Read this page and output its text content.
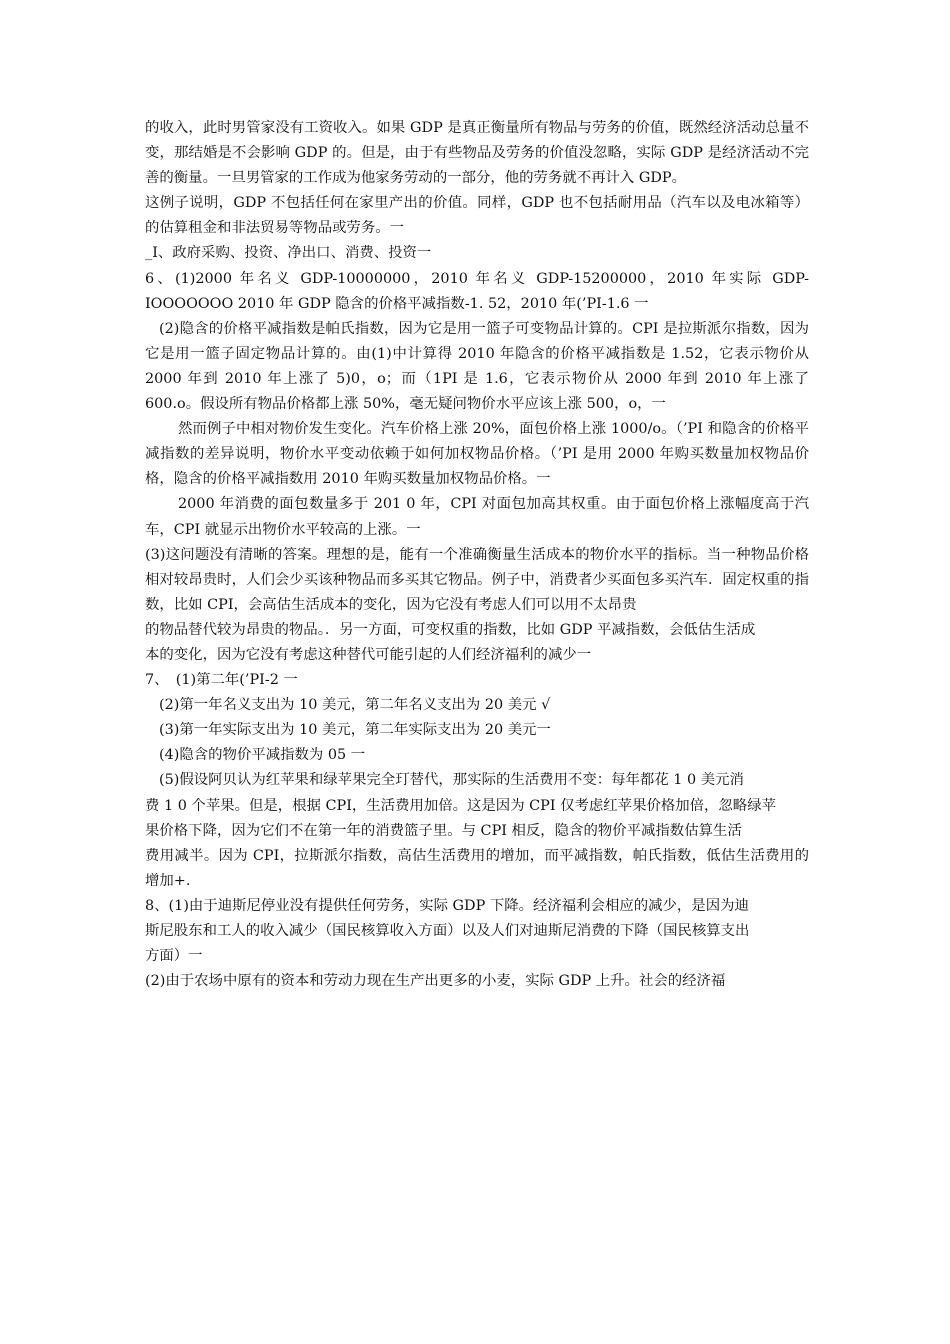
的收入，此时男管家没有工资收入。如果 GDP 是真正衡量所有物品与劳务的价值，既然经济活动总量不变，那结婚是不会影响 GDP 的。但是，由于有些物品及劳务的价值没忽略，实际 GDP 是经济活动不完善的衡量。一旦男管家的工作成为他家务劳动的一部分，他的劳务就不再计入 GDP。

这例子说明，GDP 不包括任何在家里产出的价值。同样，GDP 也不包括耐用品（汽车以及电冰箱等）的估算租金和非法贸易等物品或劳务。一

_I、政府采购、投资、净出口、消费、投资一

6、(1)2000 年名义 GDP-10000000，2010 年名义 GDP-15200000，2010 年实际 GDP-IOOOOOOO 2010 年 GDP 隐含的价格平减指数-1. 52，2010 年(’PI-1.6 一

(2)隐含的价格平减指数是帕氏指数，因为它是用一篮子可变物品计算的。CPI 是拉斯派尔指数，因为它是用一篮子固定物品计算的。由(1)中计算得 2010 年隐含的价格平减指数是 1.52，它表示物价从 2000 年到 2010 年上涨了 5)0，o；而（1PI 是 1.6，它表示物价从 2000 年到 2010 年上涨了 600.o。假设所有物品价格都上涨 50%，毫无疑问物价水平应该上涨 500，o，一

然而例子中相对物价发生变化。汽车价格上涨 20%，面包价格上涨 1000/o。（’PI 和隐含的价格平减指数的差异说明，物价水平变动依赖于如何加权物品价格。（’PI 是用 2000 年购买数量加权物品价格，隐含的价格平减指数用 2010 年购买数量加权物品价格。一

2000 年消费的面包数量多于 201 0 年，CPI 对面包加高其权重。由于面包价格上涨幅度高于汽车，CPI 就显示出物价水平较高的上涨。一

(3)这问题没有清晰的答案。理想的是，能有一个准确衡量生活成本的物价水平的指标。当一种物品价格相对较昂贵时，人们会少买该种物品而多买其它物品。例子中，消费者少买面包多买汽车．固定权重的指数，比如 CPI，会高估生活成本的变化，因为它没有考虑人们可以用不太昂贵

的物品替代较为昂贵的物品。．另一方面，可变权重的指数，比如 GDP 平减指数，会低估生活成

本的变化，因为它没有考虑这种替代可能引起的人们经济福利的减少一

7、　(1)第二年(’PI-2 一

(2)第一年名义支出为 10 美元，第二年名义支出为 20 美元 √

(3)第一年实际支出为 10 美元，第二年实际支出为 20 美元一

(4)隐含的物价平减指数为 05 一

(5)假设阿贝认为红苹果和绿苹果完全玎替代，那实际的生活费用不变：每年都花 1 0 美元消

费 1 0 个苹果。但是，根据 CPI，生活费用加倍。这是因为 CPI 仅考虑红苹果价格加倍，忽略绿苹

果价格下降，因为它们不在第一年的消费篮子里。与 CPI 相反，隐含的物价平减指数估算生活

费用减半。因为 CPI，拉斯派尔指数，高估生活费用的增加，而平减指数，帕氏指数，低估生活费用的增加+.

8、(1)由于迪斯尼停业没有提供任何劳务，实际 GDP 下降。经济福利会相应的减少，是因为迪

斯尼股东和工人的收入减少（国民核算收入方面）以及人们对迪斯尼消费的下降（国民核算支出

方面）一

(2)由于农场中原有的资本和劳动力现在生产出更多的小麦，实际 GDP 上升。社会的经济福
